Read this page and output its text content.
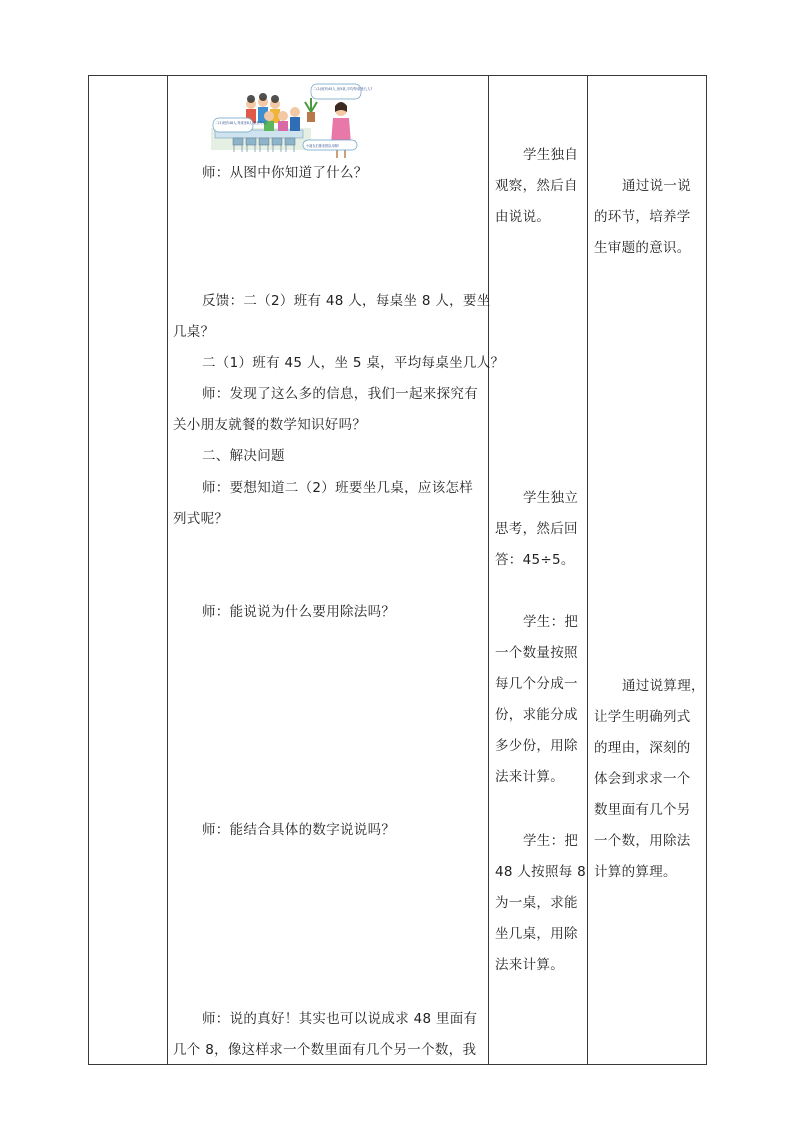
二(1)班有45人,坐5桌,平均每桌坐几人?
二(2)班有48人,每桌坐8人,要坐几桌?
小朋友们都来排队用餐!
师：从图中你知道了什么？
反馈：二（2）班有 48 人，每桌坐 8 人，要坐
几桌？
二（1）班有 45 人，坐 5 桌，平均每桌坐几人？
师：发现了这么多的信息，我们一起来探究有
关小朋友就餐的数学知识好吗？
二、解决问题
师：要想知道二（2）班要坐几桌，应该怎样
列式呢？
师：能说说为什么要用除法吗？
师：能结合具体的数字说说吗？
师：说的真好！其实也可以说成求 48 里面有
几个 8，像这样求一个数里面有几个另一个数，我
学生独自
观察，然后自
由说说。
学生独立
思考，然后回
答：45÷5。
学生：把
一个数量按照
每几个分成一
份，求能分成
多少份，用除
法来计算。
学生：把
48 人按照每 8
为一桌，求能
坐几桌，用除
法来计算。
通过说一说
的环节，培养学
生审题的意识。
通过说算理，
让学生明确列式
的理由，深刻的
体会到求求一个
数里面有几个另
一个数，用除法
计算的算理。
